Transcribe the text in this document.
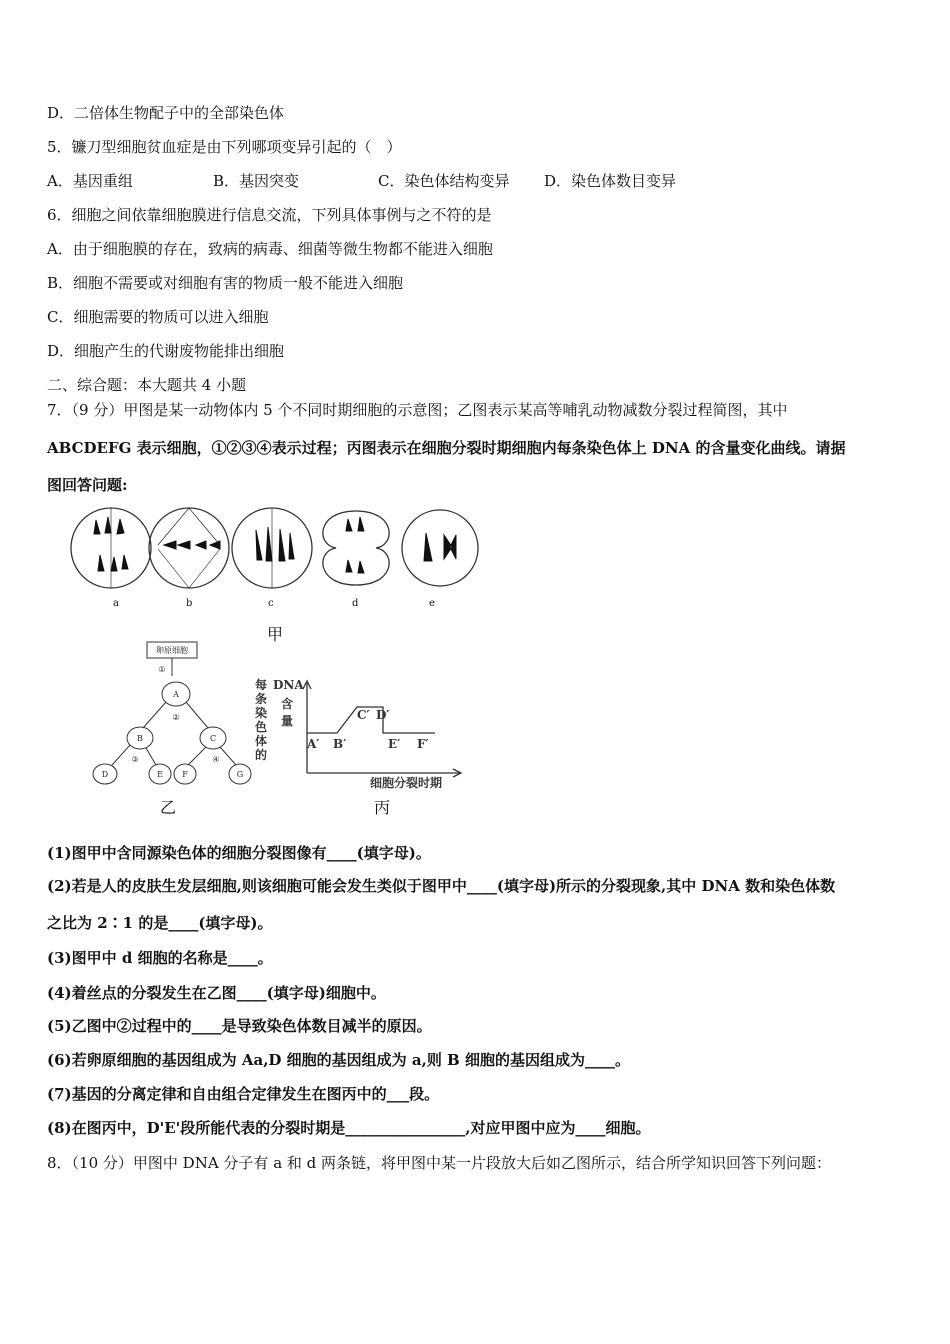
D．二倍体生物配子中的全部染色体
5．镰刀型细胞贫血症是由下列哪项变异引起的（　）
A．基因重组	B．基因突变	C．染色体结构变异 D．染色体数目变异
6．细胞之间依靠细胞膜进行信息交流，下列具体事例与之不符的是
A．由于细胞膜的存在，致病的病毒、细菌等微生物都不能进入细胞
B．细胞不需要或对细胞有害的物质一般不能进入细胞
C．细胞需要的物质可以进入细胞
D．细胞产生的代谢废物能排出细胞
二、综合题：本大题共 4 小题
7．（9 分）甲图是某一动物体内 5 个不同时期细胞的示意图；乙图表示某高等哺乳动物减数分裂过程简图，其中
ABCDEFG 表示细胞，①②③④表示过程；丙图表示在细胞分裂时期细胞内每条染色体上 DNA 的含量变化曲线。请据
图回答问题:
a	b	c	d	e
甲
卵原细胞
A
B	C
D	E F	G
①
②
③	④
乙
每
条
染
色
体
的
DNA
含
量
A′ B′
C′ D′
E′ F′
细胞分裂时期
丙
(1)图甲中含同源染色体的细胞分裂图像有____(填字母)。
(2)若是人的皮肤生发层细胞,则该细胞可能会发生类似于图甲中____(填字母)所示的分裂现象,其中 DNA 数和染色体数
之比为 2∶1 的是____(填字母)。
(3)图甲中 d 细胞的名称是____。
(4)着丝点的分裂发生在乙图____(填字母)细胞中。
(5)乙图中②过程中的____是导致染色体数目减半的原因。
(6)若卵原细胞的基因组成为 Aa,D 细胞的基因组成为 a,则 B 细胞的基因组成为____。
(7)基因的分离定律和自由组合定律发生在图丙中的___段。
(8)在图丙中，D'E'段所能代表的分裂时期是________________,对应甲图中应为____细胞。
8．（10 分）甲图中 DNA 分子有 a 和 d 两条链，将甲图中某一片段放大后如乙图所示，结合所学知识回答下列问题：
